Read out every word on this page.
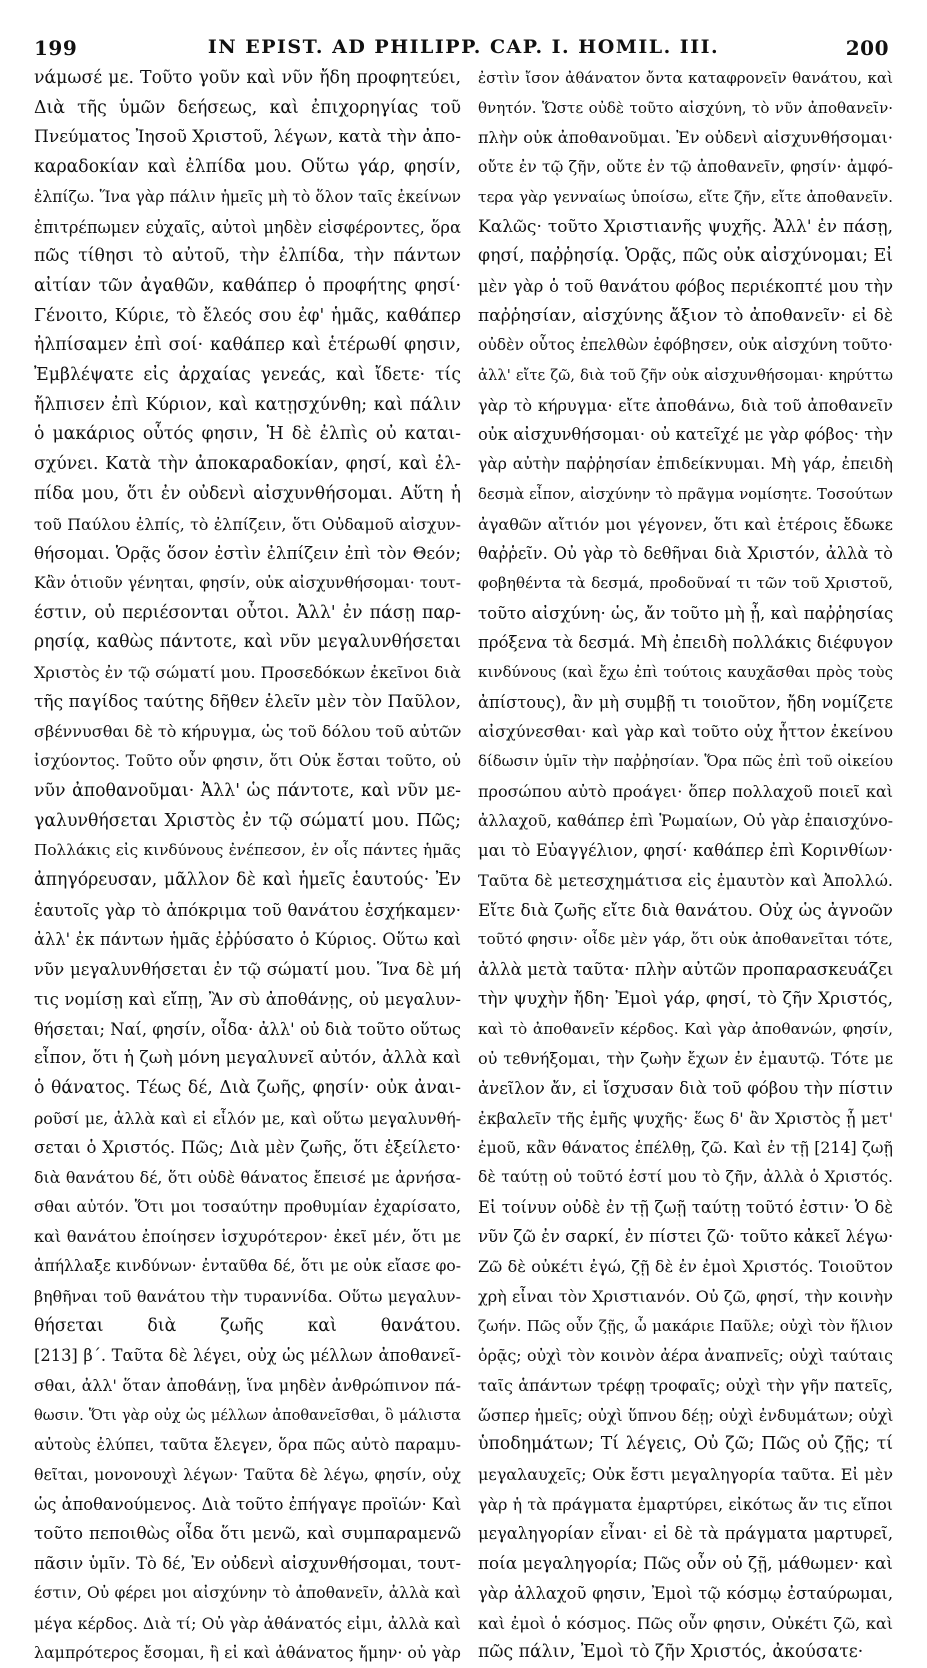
199	IN EPIST. AD PHILIPP. CAP. I. HOMIL. III.	200

νάμωσέ με. Τοῦτο γοῦν καὶ νῦν ἤδη προφητεύει,

Διὰ τῆς ὑμῶν δεήσεως, καὶ ἐπιχορηγίας τοῦ

Πνεύματος Ἰησοῦ Χριστοῦ, λέγων, κατὰ τὴν ἀπο-

καραδοκίαν καὶ ἐλπίδα μου. Οὕτω γάρ, φησίν,

ἐλπίζω. Ἵνα γὰρ πάλιν ἡμεῖς μὴ τὸ ὅλον ταῖς ἐκείνων

ἐπιτρέπωμεν εὐχαῖς, αὐτοὶ μηδὲν εἰσφέροντες, ὅρα

πῶς τίθησι τὸ αὐτοῦ, τὴν ἐλπίδα, τὴν πάντων

αἰτίαν τῶν ἀγαθῶν, καθάπερ ὁ προφήτης φησί·

Γένοιτο, Κύριε, τὸ ἔλεός σου ἐφ' ἡμᾶς, καθάπερ

ἠλπίσαμεν ἐπὶ σοί· καθάπερ καὶ ἑτέρωθί φησιν,

Ἐμβλέψατε εἰς ἀρχαίας γενεάς, καὶ ἴδετε· τίς

ἤλπισεν ἐπὶ Κύριον, καὶ κατῃσχύνθη; καὶ πάλιν

ὁ μακάριος οὗτός φησιν, Ἡ δὲ ἐλπὶς οὐ καται-

σχύνει. Κατὰ τὴν ἀποκαραδοκίαν, φησί, καὶ ἐλ-

πίδα μου, ὅτι ἐν οὐδενὶ αἰσχυνθήσομαι. Αὕτη ἡ

τοῦ Παύλου ἐλπίς, τὸ ἐλπίζειν, ὅτι Οὐδαμοῦ αἰσχυν-

θήσομαι. Ὁρᾷς ὅσον ἐστὶν ἐλπίζειν ἐπὶ τὸν Θεόν;

Κἂν ὁτιοῦν γένηται, φησίν, οὐκ αἰσχυνθήσομαι· τουτ-

έστιν, οὐ περιέσονται οὗτοι. Ἀλλ' ἐν πάσῃ παρ-

ρησίᾳ, καθὼς πάντοτε, καὶ νῦν μεγαλυνθήσεται

Χριστὸς ἐν τῷ σώματί μου. Προσεδόκων ἐκεῖνοι διὰ

τῆς παγίδος ταύτης δῆθεν ἑλεῖν μὲν τὸν Παῦλον,

σβέννυσθαι δὲ τὸ κήρυγμα, ὡς τοῦ δόλου τοῦ αὐτῶν

ἰσχύοντος. Τοῦτο οὖν φησιν, ὅτι Οὐκ ἔσται τοῦτο, οὐ

νῦν ἀποθανοῦμαι· Ἀλλ' ὡς πάντοτε, καὶ νῦν με-

γαλυνθήσεται Χριστὸς ἐν τῷ σώματί μου. Πῶς;

Πολλάκις εἰς κινδύνους ἐνέπεσον, ἐν οἷς πάντες ἡμᾶς

ἀπηγόρευσαν, μᾶλλον δὲ καὶ ἡμεῖς ἑαυτούς· Ἐν

ἑαυτοῖς γὰρ τὸ ἀπόκριμα τοῦ θανάτου ἐσχήκαμεν·

ἀλλ' ἐκ πάντων ἡμᾶς ἐῤῥύσατο ὁ Κύριος. Οὕτω καὶ

νῦν μεγαλυνθήσεται ἐν τῷ σώματί μου. Ἵνα δὲ μή

τις νομίσῃ καὶ εἴπῃ, Ἂν σὺ ἀποθάνῃς, οὐ μεγαλυν-

θήσεται; Ναί, φησίν, οἶδα· ἀλλ' οὐ διὰ τοῦτο οὕτως

εἶπον, ὅτι ἡ ζωὴ μόνη μεγαλυνεῖ αὐτόν, ἀλλὰ καὶ

ὁ θάνατος. Τέως δέ, Διὰ ζωῆς, φησίν· οὐκ ἀναι-

ροῦσί με, ἀλλὰ καὶ εἰ εἷλόν με, καὶ οὕτω μεγαλυνθή-

σεται ὁ Χριστός. Πῶς; Διὰ μὲν ζωῆς, ὅτι ἐξείλετο·

διὰ θανάτου δέ, ὅτι οὐδὲ θάνατος ἔπεισέ με ἀρνήσα-

σθαι αὐτόν. Ὅτι μοι τοσαύτην προθυμίαν ἐχαρίσατο,

καὶ θανάτου ἐποίησεν ἰσχυρότερον· ἐκεῖ μέν, ὅτι με

ἀπήλλαξε κινδύνων· ἐνταῦθα δέ, ὅτι με οὐκ εἴασε φο-

βηθῆναι τοῦ θανάτου τὴν τυραννίδα. Οὕτω μεγαλυν-

θήσεται διὰ ζωῆς καὶ θανάτου.

[213] β΄. Ταῦτα δὲ λέγει, οὐχ ὡς μέλλων ἀποθανεῖ-

σθαι, ἀλλ' ὅταν ἀποθάνῃ, ἵνα μηδὲν ἀνθρώπινον πά-

θωσιν. Ὅτι γὰρ οὐχ ὡς μέλλων ἀποθανεῖσθαι, ὃ μάλιστα

αὐτοὺς ἐλύπει, ταῦτα ἔλεγεν, ὅρα πῶς αὐτὸ παραμυ-

θεῖται, μονονουχὶ λέγων· Ταῦτα δὲ λέγω, φησίν, οὐχ

ὡς ἀποθανούμενος. Διὰ τοῦτο ἐπήγαγε προϊών· Καὶ

τοῦτο πεποιθὼς οἶδα ὅτι μενῶ, καὶ συμπαραμενῶ

πᾶσιν ὑμῖν. Τὸ δέ, Ἐν οὐδενὶ αἰσχυνθήσομαι, τουτ-

έστιν, Οὐ φέρει μοι αἰσχύνην τὸ ἀποθανεῖν, ἀλλὰ καὶ

μέγα κέρδος. Διὰ τί; Οὐ γὰρ ἀθάνατός εἰμι, ἀλλὰ καὶ

λαμπρότερος ἔσομαι, ἢ εἰ καὶ ἀθάνατος ἤμην· οὐ γὰρ

ἐστὶν ἴσον ἀθάνατον ὄντα καταφρονεῖν θανάτου, καὶ

θνητόν. Ὥστε οὐδὲ τοῦτο αἰσχύνη, τὸ νῦν ἀποθανεῖν·

πλὴν οὐκ ἀποθανοῦμαι. Ἐν οὐδενὶ αἰσχυνθήσομαι·

οὔτε ἐν τῷ ζῆν, οὔτε ἐν τῷ ἀποθανεῖν, φησίν· ἀμφό-

τερα γὰρ γενναίως ὑποίσω, εἴτε ζῆν, εἴτε ἀποθανεῖν.

Καλῶς· τοῦτο Χριστιανῆς ψυχῆς. Ἀλλ' ἐν πάσῃ,

φησί, παῤῥησίᾳ. Ὁρᾷς, πῶς οὐκ αἰσχύνομαι; Εἰ

μὲν γὰρ ὁ τοῦ θανάτου φόβος περιέκοπτέ μου τὴν

παῤῥησίαν, αἰσχύνης ἄξιον τὸ ἀποθανεῖν· εἰ δὲ

οὐδὲν οὗτος ἐπελθὼν ἐφόβησεν, οὐκ αἰσχύνη τοῦτο·

ἀλλ' εἴτε ζῶ, διὰ τοῦ ζῆν οὐκ αἰσχυνθήσομαι· κηρύττω

γὰρ τὸ κήρυγμα· εἴτε ἀποθάνω, διὰ τοῦ ἀποθανεῖν

οὐκ αἰσχυνθήσομαι· οὐ κατεῖχέ με γὰρ φόβος· τὴν

γὰρ αὐτὴν παῤῥησίαν ἐπιδείκνυμαι. Μὴ γάρ, ἐπειδὴ

δεσμὰ εἶπον, αἰσχύνην τὸ πρᾶγμα νομίσητε. Τοσούτων

ἀγαθῶν αἴτιόν μοι γέγονεν, ὅτι καὶ ἑτέροις ἔδωκε

θαῤῥεῖν. Οὐ γὰρ τὸ δεθῆναι διὰ Χριστόν, ἀλλὰ τὸ

φοβηθέντα τὰ δεσμά, προδοῦναί τι τῶν τοῦ Χριστοῦ,

τοῦτο αἰσχύνη· ὡς, ἄν τοῦτο μὴ ᾖ, καὶ παῤῥησίας

πρόξενα τὰ δεσμά. Μὴ ἐπειδὴ πολλάκις διέφυγον

κινδύνους (καὶ ἔχω ἐπὶ τούτοις καυχᾶσθαι πρὸς τοὺς

ἀπίστους), ἂν μὴ συμβῇ τι τοιοῦτον, ἤδη νομίζετε

αἰσχύνεσθαι· καὶ γὰρ καὶ τοῦτο οὐχ ἧττον ἐκείνου

δίδωσιν ὑμῖν τὴν παῤῥησίαν. Ὅρα πῶς ἐπὶ τοῦ οἰκείου

προσώπου αὐτὸ προάγει· ὅπερ πολλαχοῦ ποιεῖ καὶ

ἀλλαχοῦ, καθάπερ ἐπὶ Ῥωμαίων, Οὐ γὰρ ἐπαισχύνο-

μαι τὸ Εὐαγγέλιον, φησί· καθάπερ ἐπὶ Κορινθίων·

Ταῦτα δὲ μετεσχημάτισα εἰς ἐμαυτὸν καὶ Ἀπολλώ.

Εἴτε διὰ ζωῆς εἴτε διὰ θανάτου. Οὐχ ὡς ἀγνοῶν

τοῦτό φησιν· οἶδε μὲν γάρ, ὅτι οὐκ ἀποθανεῖται τότε,

ἀλλὰ μετὰ ταῦτα· πλὴν αὐτῶν προπαρασκευάζει

τὴν ψυχὴν ἤδη· Ἐμοὶ γάρ, φησί, τὸ ζῆν Χριστός,

καὶ τὸ ἀποθανεῖν κέρδος. Καὶ γὰρ ἀποθανών, φησίν,

οὐ τεθνήξομαι, τὴν ζωὴν ἔχων ἐν ἐμαυτῷ. Τότε με

ἀνεῖλον ἄν, εἰ ἴσχυσαν διὰ τοῦ φόβου τὴν πίστιν

ἐκβαλεῖν τῆς ἐμῆς ψυχῆς· ἕως δ' ἂν Χριστὸς ᾖ μετ'

ἐμοῦ, κἂν θάνατος ἐπέλθῃ, ζῶ. Καὶ ἐν τῇ [214] ζωῇ

δὲ ταύτῃ οὐ τοῦτό ἐστί μου τὸ ζῆν, ἀλλὰ ὁ Χριστός.

Εἰ τοίνυν οὐδὲ ἐν τῇ ζωῇ ταύτῃ τοῦτό ἐστιν· Ὁ δὲ

νῦν ζῶ ἐν σαρκί, ἐν πίστει ζῶ· τοῦτο κἀκεῖ λέγω·

Ζῶ δὲ οὐκέτι ἐγώ, ζῇ δὲ ἐν ἐμοὶ Χριστός. Τοιοῦτον

χρὴ εἶναι τὸν Χριστιανόν. Οὐ ζῶ, φησί, τὴν κοινὴν

ζωήν. Πῶς οὖν ζῇς, ὦ μακάριε Παῦλε; οὐχὶ τὸν ἥλιον

ὁρᾷς; οὐχὶ τὸν κοινὸν ἀέρα ἀναπνεῖς; οὐχὶ ταύταις

ταῖς ἁπάντων τρέφῃ τροφαῖς; οὐχὶ τὴν γῆν πατεῖς,

ὥσπερ ἡμεῖς; οὐχὶ ὕπνου δέῃ; οὐχὶ ἐνδυμάτων; οὐχὶ

ὑποδημάτων; Τί λέγεις, Οὐ ζῶ; Πῶς οὐ ζῇς; τί

μεγαλαυχεῖς; Οὐκ ἔστι μεγαληγορία ταῦτα. Εἰ μὲν

γὰρ ἡ τὰ πράγματα ἐμαρτύρει, εἰκότως ἄν τις εἴποι

μεγαληγορίαν εἶναι· εἰ δὲ τὰ πράγματα μαρτυρεῖ,

ποία μεγαληγορία; Πῶς οὖν οὐ ζῇ, μάθωμεν· καὶ

γὰρ ἀλλαχοῦ φησιν, Ἐμοὶ τῷ κόσμῳ ἐσταύρωμαι,

καὶ ἐμοὶ ὁ κόσμος. Πῶς οὖν φησιν, Οὐκέτι ζῶ, καὶ

πῶς πάλιν, Ἐμοὶ τὸ ζῆν Χριστός, ἀκούσατε·
